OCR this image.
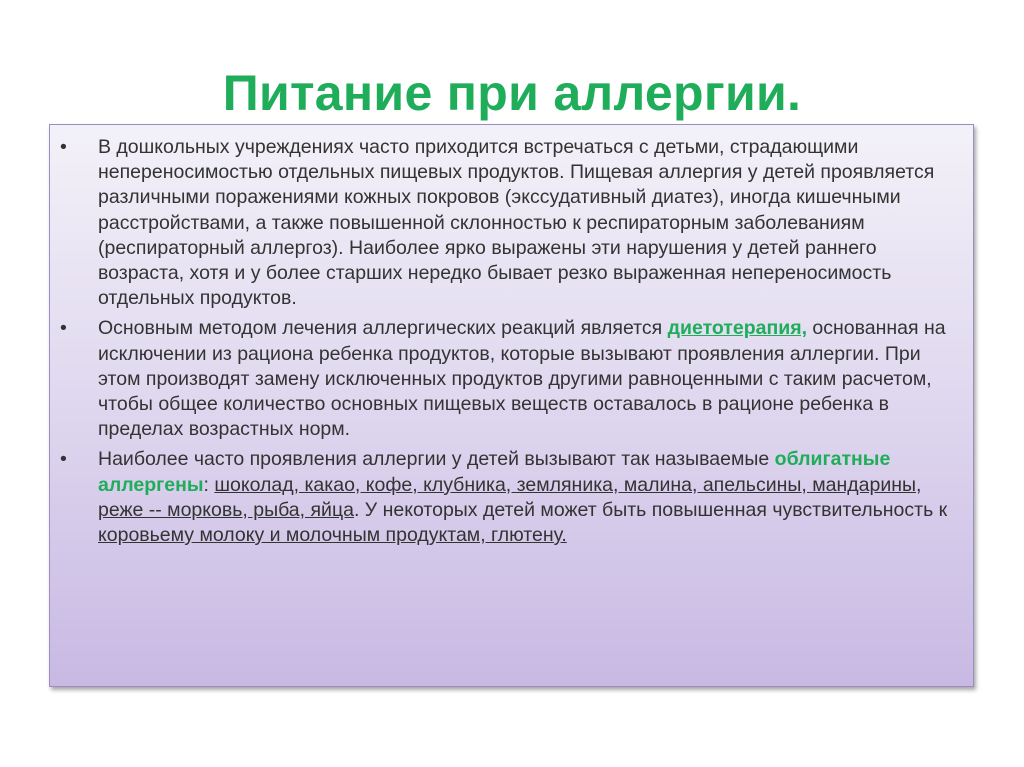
Питание при аллергии.
• В дошкольных учреждениях часто приходится встречаться с детьми, страдающими непереносимостью отдельных пищевых продуктов. Пищевая аллергия у детей проявляется различными поражениями кожных покровов (экссудативный диатез), иногда кишечными расстройствами, а также повышенной склонностью к респираторным заболеваниям (респираторный аллергоз). Наиболее ярко выражены эти нарушения у детей раннего возраста, хотя и у более старших нередко бывает резко выраженная непереносимость отдельных продуктов.
• Основным методом лечения аллергических реакций является диетотерапия, основанная на исключении из рациона ребенка продуктов, которые вызывают проявления аллергии. При этом производят замену исключенных продуктов другими равноценными с таким расчетом, чтобы общее количество основных пищевых веществ оставалось в рационе ребенка в пределах возрастных норм.
• Наиболее часто проявления аллергии у детей вызывают так называемые облигатные аллергены: шоколад, какао, кофе, клубника, земляника, малина, апельсины, мандарины, реже -- морковь, рыба, яйца. У некоторых детей может быть повышенная чувствительность к коровьему молоку и молочным продуктам, глютену.
